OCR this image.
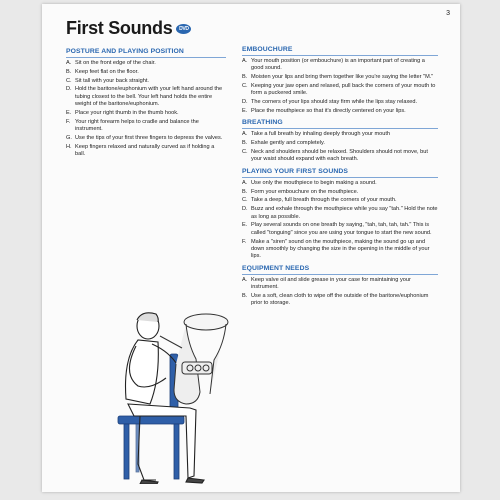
3
First Sounds	DVD
POSTURE AND PLAYING POSITION
A. Sit on the front edge of the chair.
B. Keep feet flat on the floor.
C. Sit tall with your back straight.
D. Hold the baritone/euphonium with your left hand around the tubing closest to the bell. Your left hand holds the entire weight of the baritone/euphonium.
E. Place your right thumb in the thumb hook.
F. Your right forearm helps to cradle and balance the instrument.
G. Use the tips of your first three fingers to depress the valves.
H. Keep fingers relaxed and naturally curved as if holding a ball.
EMBOUCHURE
A. Your mouth position (or embouchure) is an important part of creating a good sound.
B. Moisten your lips and bring them together like you're saying the letter "M."
C. Keeping your jaw open and relaxed, pull back the corners of your mouth to form a puckered smile.
D. The corners of your lips should stay firm while the lips stay relaxed.
E. Place the mouthpiece so that it's directly centered on your lips.
BREATHING
A. Take a full breath by inhaling deeply through your mouth
B. Exhale gently and completely.
C. Neck and shoulders should be relaxed. Shoulders should not move, but your waist should expand with each breath.
PLAYING YOUR FIRST SOUNDS
A. Use only the mouthpiece to begin making a sound.
B. Form your embouchure on the mouthpiece.
C. Take a deep, full breath through the corners of your mouth.
D. Buzz and exhale through the mouthpiece while you say "tah." Hold the note as long as possible.
E. Play several sounds on one breath by saying, "tah, tah, tah, tah." This is called "tonguing" since you are using your tongue to start the new sound.
F. Make a "siren" sound on the mouthpiece, making the sound go up and down smoothly by changing the size in the opening in the middle of your lips.
EQUIPMENT NEEDS
A. Keep valve oil and slide grease in your case for maintaining your instrument.
B. Use a soft, clean cloth to wipe off the outside of the baritone/euphonium prior to storage.
